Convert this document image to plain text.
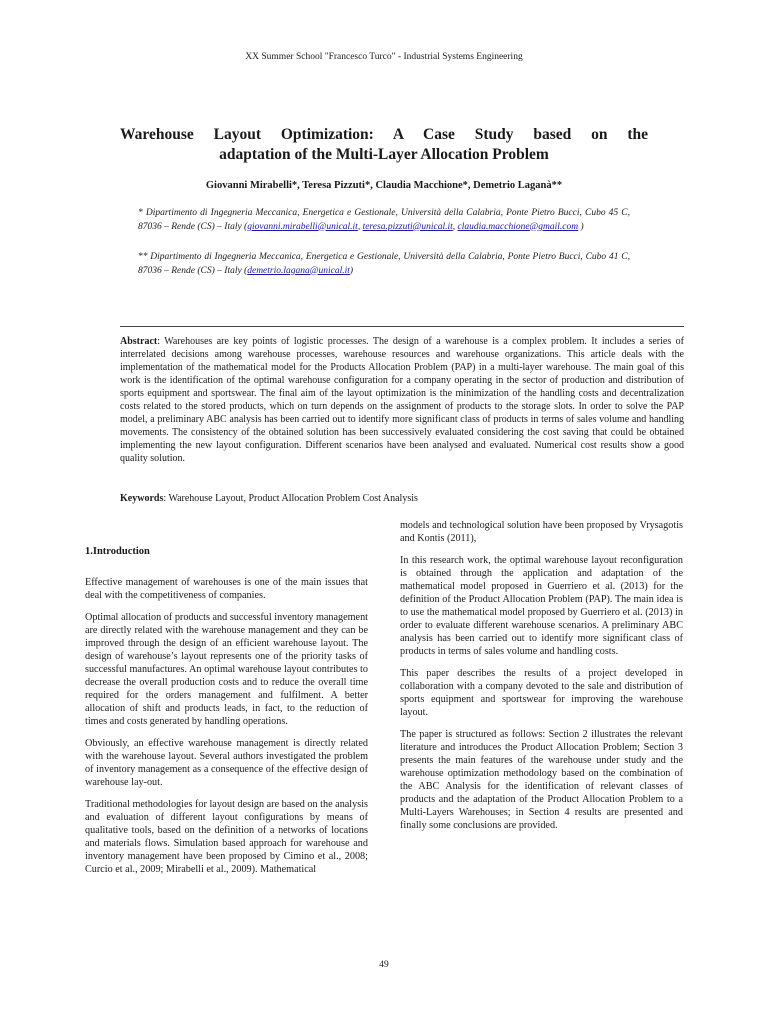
XX Summer School "Francesco Turco" - Industrial Systems Engineering
Warehouse Layout Optimization: A Case Study based on the
adaptation of the Multi-Layer Allocation Problem
Giovanni Mirabelli*, Teresa Pizzuti*, Claudia Macchione*, Demetrio Laganà**
* Dipartimento di Ingegneria Meccanica, Energetica e Gestionale, Università della Calabria, Ponte Pietro Bucci, Cubo 45 C, 87036 – Rende (CS) – Italy (giovanni.mirabelli@unical.it, teresa.pizzuti@unical.it, claudia.macchione@gmail.com )
** Dipartimento di Ingegneria Meccanica, Energetica e Gestionale, Università della Calabria, Ponte Pietro Bucci, Cubo 41 C, 87036 – Rende (CS) – Italy (demetrio.lagana@unical.it)
Abstract: Warehouses are key points of logistic processes. The design of a warehouse is a complex problem. It includes a series of interrelated decisions among warehouse processes, warehouse resources and warehouse organizations. This article deals with the implementation of the mathematical model for the Products Allocation Problem (PAP) in a multi-layer warehouse. The main goal of this work is the identification of the optimal warehouse configuration for a company operating in the sector of production and distribution of sports equipment and sportswear. The final aim of the layout optimization is the minimization of the handling costs and decentralization costs related to the stored products, which on turn depends on the assignment of products to the storage slots. In order to solve the PAP model, a preliminary ABC analysis has been carried out to identify more significant class of products in terms of sales volume and handling movements. The consistency of the obtained solution has been successively evaluated considering the cost saving that could be obtained implementing the new layout configuration. Different scenarios have been analysed and evaluated. Numerical cost results show a good quality solution.
Keywords: Warehouse Layout, Product Allocation Problem Cost Analysis

1.Introduction

Effective management of warehouses is one of the main issues that deal with the competitiveness of companies.

Optimal allocation of products and successful inventory management are directly related with the warehouse management and they can be improved through the design of an efficient warehouse layout. The design of warehouse’s layout represents one of the priority tasks of successful manufactures. An optimal warehouse layout contributes to decrease the overall production costs and to reduce the overall time required for the orders management and fulfilment. A better allocation of shift and products leads, in fact, to the reduction of times and costs generated by handling operations.

Obviously, an effective warehouse management is directly related with the warehouse layout. Several authors investigated the problem of inventory management as a consequence of the effective design of warehouse lay-out.

Traditional methodologies for layout design are based on the analysis and evaluation of different layout configurations by means of qualitative tools, based on the definition of a networks of locations and materials flows. Simulation based approach for warehouse and inventory management have been proposed by Cimino et al., 2008; Curcio et al., 2009; Mirabelli et al., 2009). Mathematical

models and technological solution have been proposed by Vrysagotis and Kontis (2011),

In this research work, the optimal warehouse layout reconfiguration is obtained through the application and adaptation of the mathematical model proposed in Guerriero et al. (2013) for the definition of the Product Allocation Problem (PAP). The main idea is to use the mathematical model proposed by Guerriero et al. (2013) in order to evaluate different warehouse scenarios. A preliminary ABC analysis has been carried out to identify more significant class of products in terms of sales volume and handling costs.

This paper describes the results of a project developed in collaboration with a company devoted to the sale and distribution of sports equipment and sportswear for improving the warehouse layout.

The paper is structured as follows: Section 2 illustrates the relevant literature and introduces the Product Allocation Problem; Section 3 presents the main features of the warehouse under study and the warehouse optimization methodology based on the combination of the ABC Analysis for the identification of relevant classes of products and the adaptation of the Product Allocation Problem to a Multi-Layers Warehouses; in Section 4 results are presented and finally some conclusions are provided.

49
